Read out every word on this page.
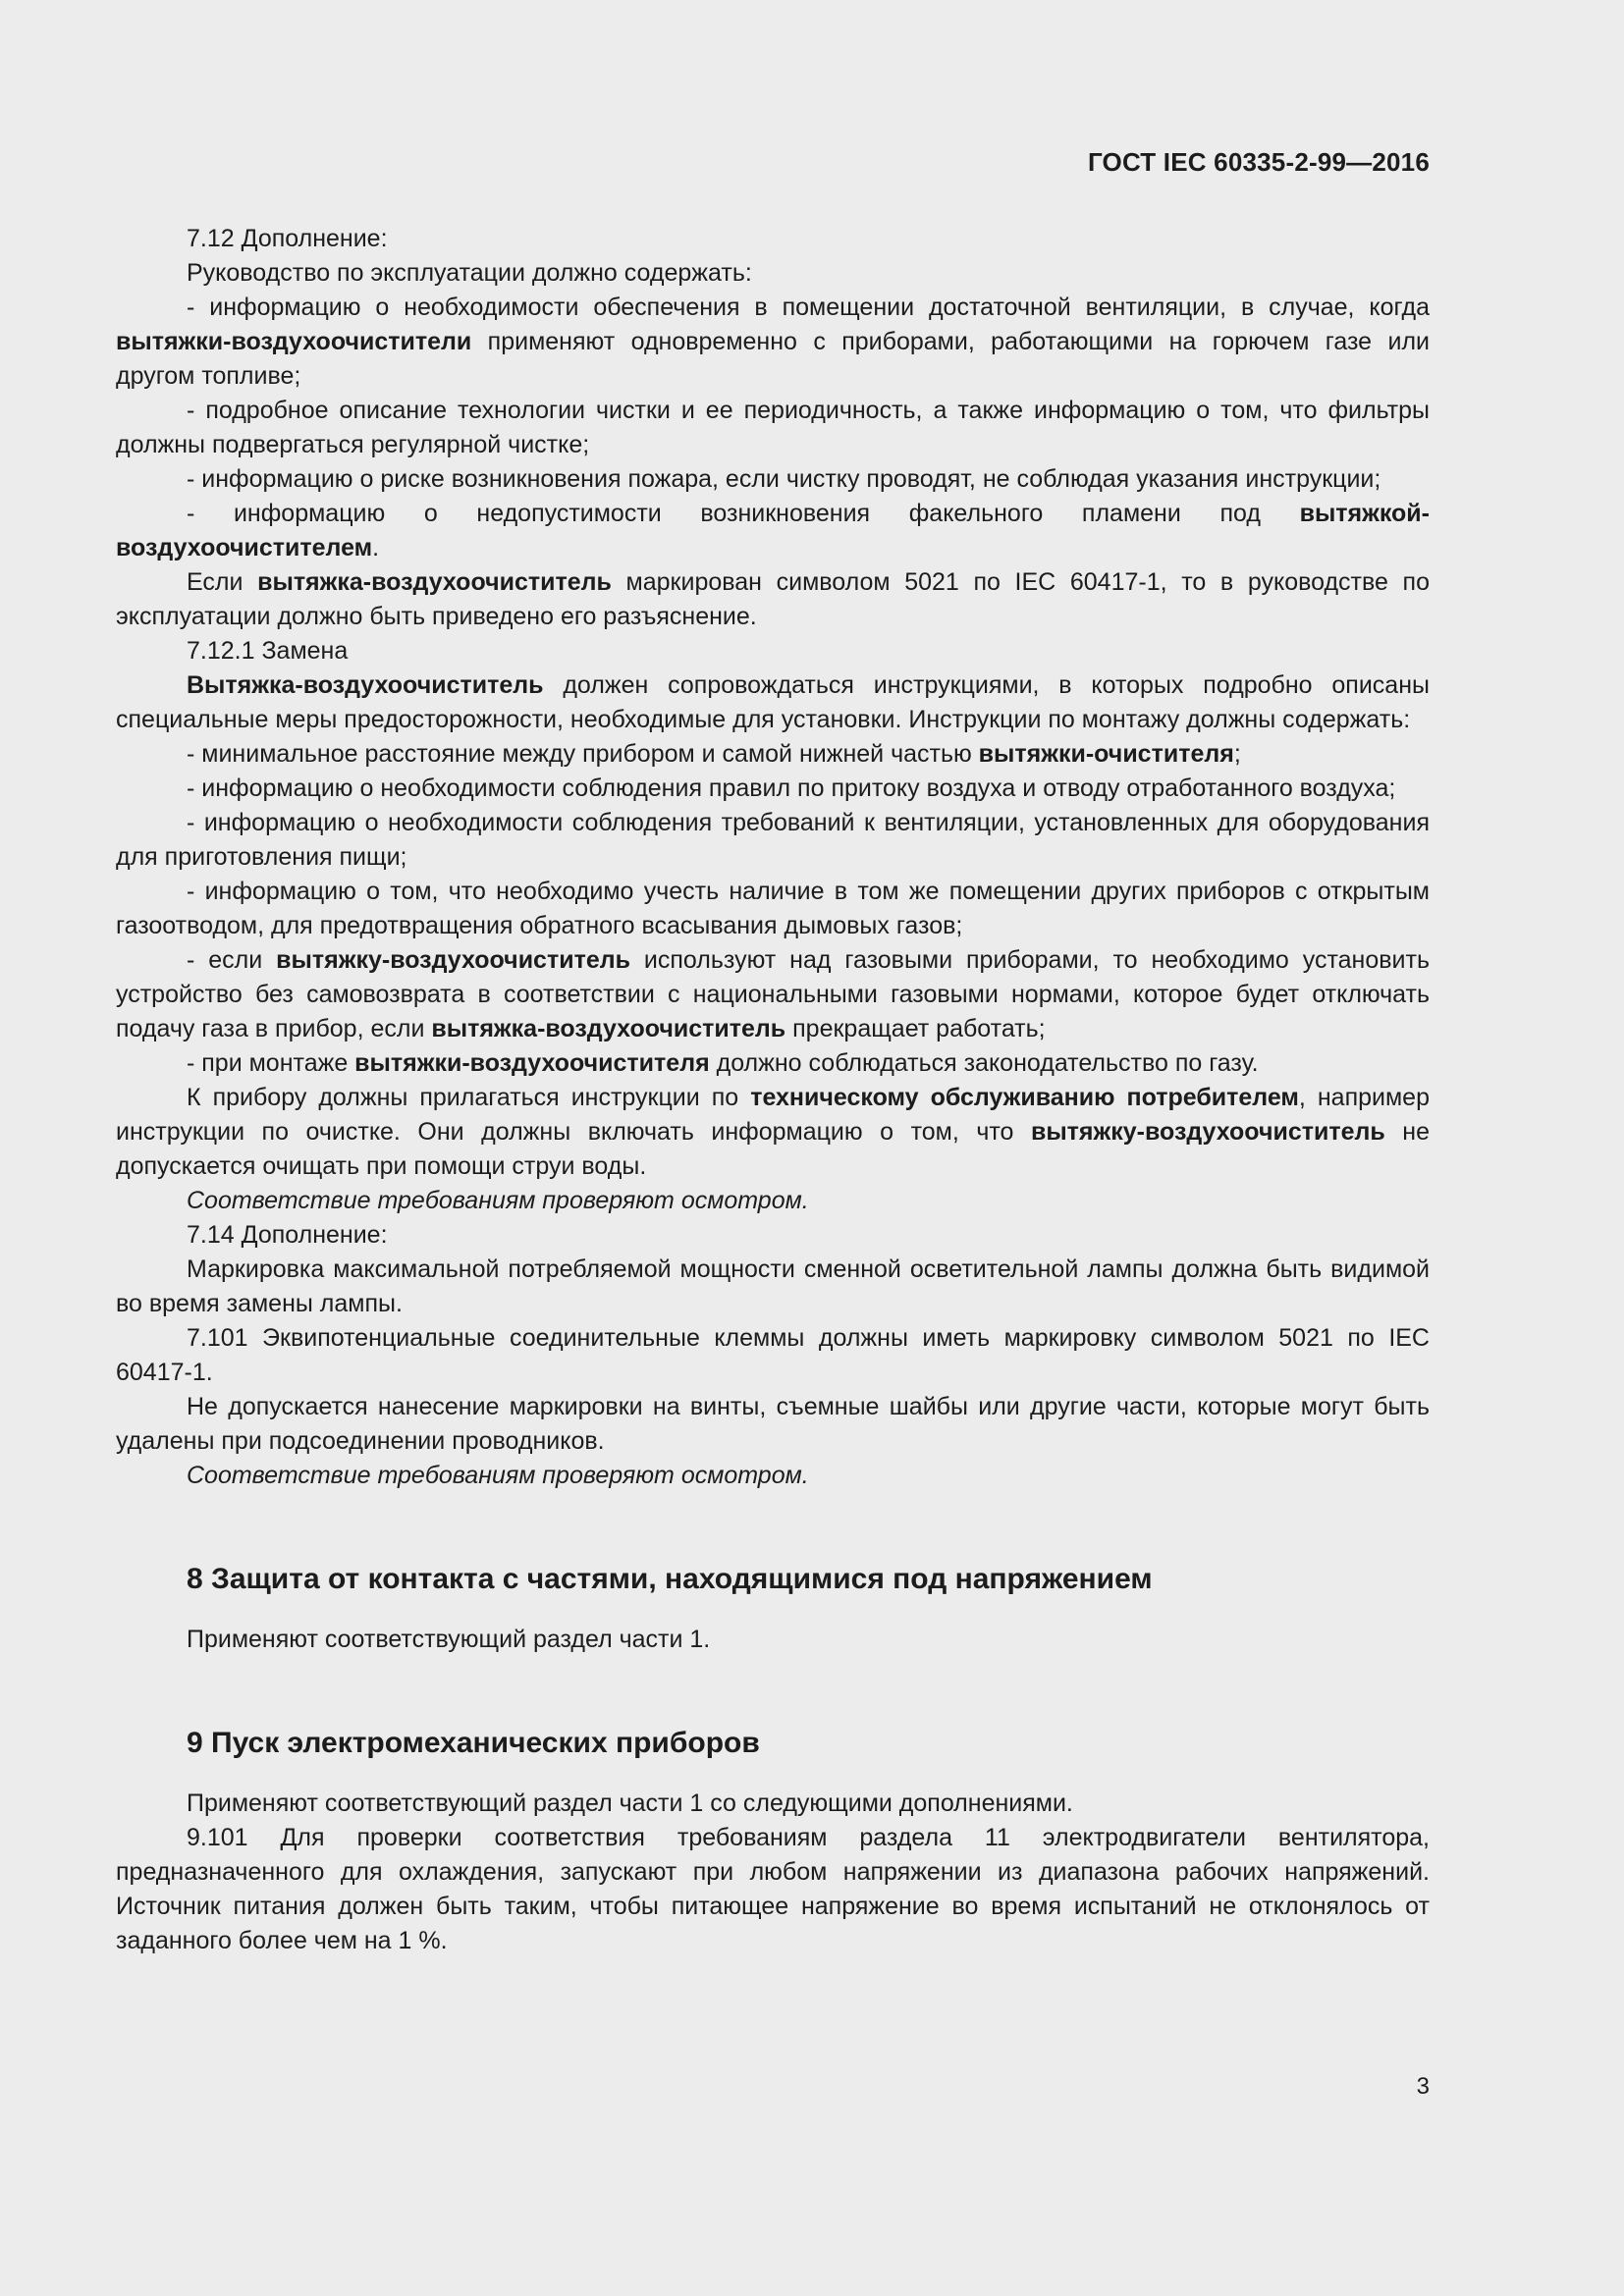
ГОСТ IEC 60335-2-99—2016

7.12 Дополнение:

Руководство по эксплуатации должно содержать:

- информацию о необходимости обеспечения в помещении достаточной вентиляции, в случае, когда вытяжки-воздухоочистители применяют одновременно с приборами, работающими на горючем газе или другом топливе;

- подробное описание технологии чистки и ее периодичность, а также информацию о том, что фильтры должны подвергаться регулярной чистке;

- информацию о риске возникновения пожара, если чистку проводят, не соблюдая указания инструкции;

- информацию о недопустимости возникновения факельного пламени под вытяжкой-воздухоочистителем.

Если вытяжка-воздухоочиститель маркирован символом 5021 по IEC 60417-1, то в руководстве по эксплуатации должно быть приведено его разъяснение.

7.12.1 Замена

Вытяжка-воздухоочиститель должен сопровождаться инструкциями, в которых подробно описаны специальные меры предосторожности, необходимые для установки. Инструкции по монтажу должны содержать:

- минимальное расстояние между прибором и самой нижней частью вытяжки-очистителя;

- информацию о необходимости соблюдения правил по притоку воздуха и отводу отработанного воздуха;

- информацию о необходимости соблюдения требований к вентиляции, установленных для оборудования для приготовления пищи;

- информацию о том, что необходимо учесть наличие в том же помещении других приборов с открытым газоотводом, для предотвращения обратного всасывания дымовых газов;

- если вытяжку-воздухоочиститель используют над газовыми приборами, то необходимо установить устройство без самовозврата в соответствии с национальными газовыми нормами, которое будет отключать подачу газа в прибор, если вытяжка-воздухоочиститель прекращает работать;

- при монтаже вытяжки-воздухоочистителя должно соблюдаться законодательство по газу.

К прибору должны прилагаться инструкции по техническому обслуживанию потребителем, например инструкции по очистке. Они должны включать информацию о том, что вытяжку-воздухоочиститель не допускается очищать при помощи струи воды.

Соответствие требованиям проверяют осмотром.

7.14 Дополнение:

Маркировка максимальной потребляемой мощности сменной осветительной лампы должна быть видимой во время замены лампы.

7.101 Эквипотенциальные соединительные клеммы должны иметь маркировку символом 5021 по IEC 60417-1.

Не допускается нанесение маркировки на винты, съемные шайбы или другие части, которые могут быть удалены при подсоединении проводников.

Соответствие требованиям проверяют осмотром.

8 Защита от контакта с частями, находящимися под напряжением

Применяют соответствующий раздел части 1.

9 Пуск электромеханических приборов

Применяют соответствующий раздел части 1 со следующими дополнениями.

9.101 Для проверки соответствия требованиям раздела 11 электродвигатели вентилятора, предназначенного для охлаждения, запускают при любом напряжении из диапазона рабочих напряжений. Источник питания должен быть таким, чтобы питающее напряжение во время испытаний не отклонялось от заданного более чем на 1 %.

3
